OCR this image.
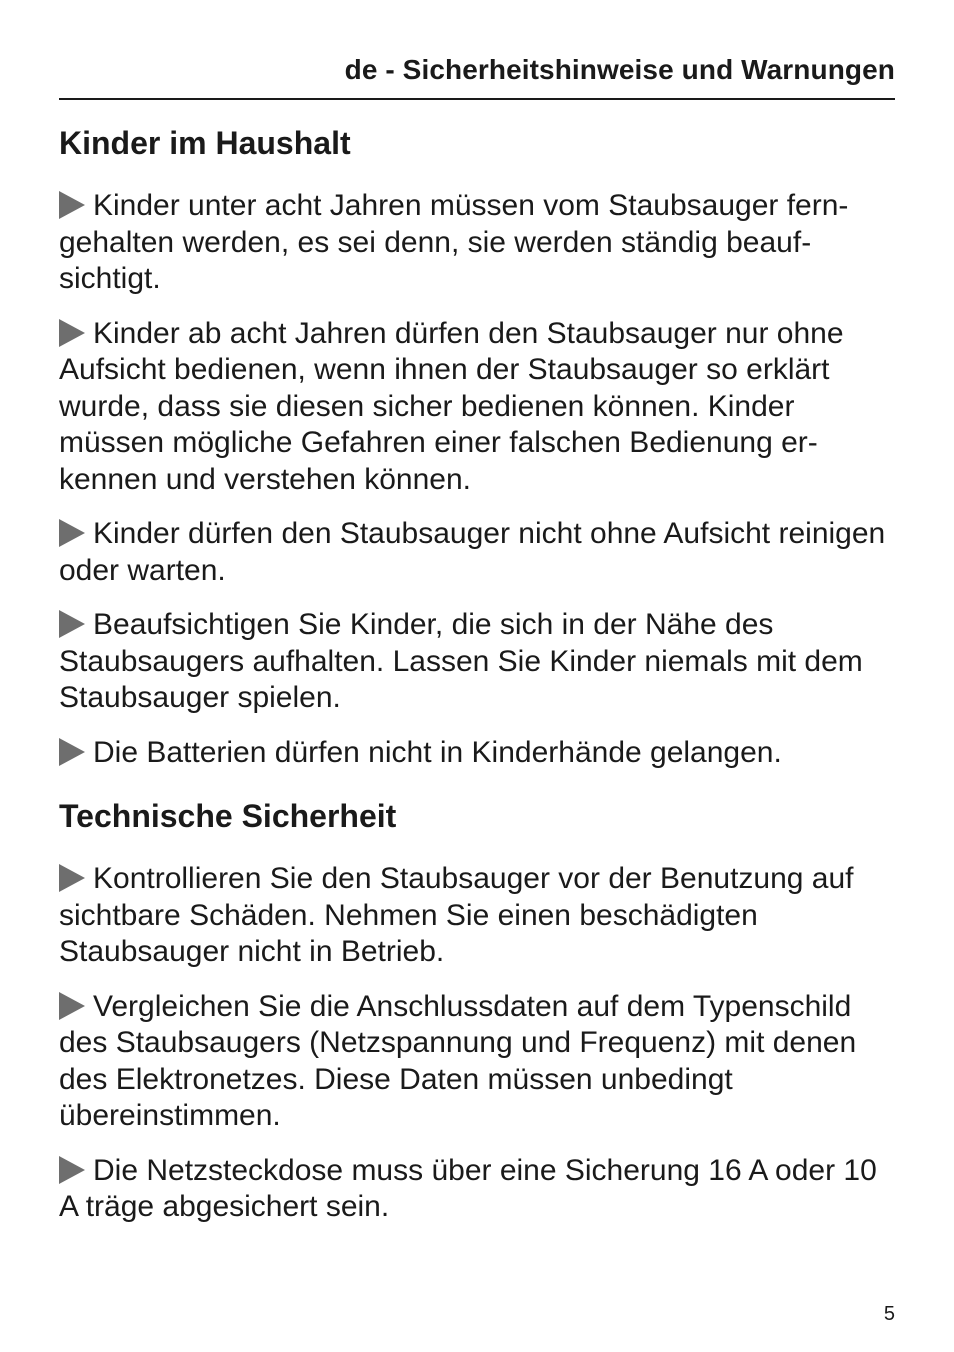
de - Sicherheitshinweise und Warnungen
Kinder im Haushalt

Kinder unter acht Jahren müssen vom Staubsauger ferngehalten werden, es sei denn, sie werden ständig beaufsichtigt.

Kinder ab acht Jahren dürfen den Staubsauger nur ohne Aufsicht bedienen, wenn ihnen der Staubsauger so erklärt wurde, dass sie diesen sicher bedienen können. Kinder müssen mögliche Gefahren einer falschen Bedienung erkennen und verstehen können.

Kinder dürfen den Staubsauger nicht ohne Aufsicht reinigen oder warten.

Beaufsichtigen Sie Kinder, die sich in der Nähe des Staubsaugers aufhalten. Lassen Sie Kinder niemals mit dem Staubsauger spielen.

Die Batterien dürfen nicht in Kinderhände gelangen.

Technische Sicherheit

Kontrollieren Sie den Staubsauger vor der Benutzung auf sichtbare Schäden. Nehmen Sie einen beschädigten Staubsauger nicht in Betrieb.

Vergleichen Sie die Anschlussdaten auf dem Typenschild des Staubsaugers (Netzspannung und Frequenz) mit denen des Elektronetzes. Diese Daten müssen unbedingt übereinstimmen.

Die Netzsteckdose muss über eine Sicherung 16 A oder 10 A träge abgesichert sein.

5
